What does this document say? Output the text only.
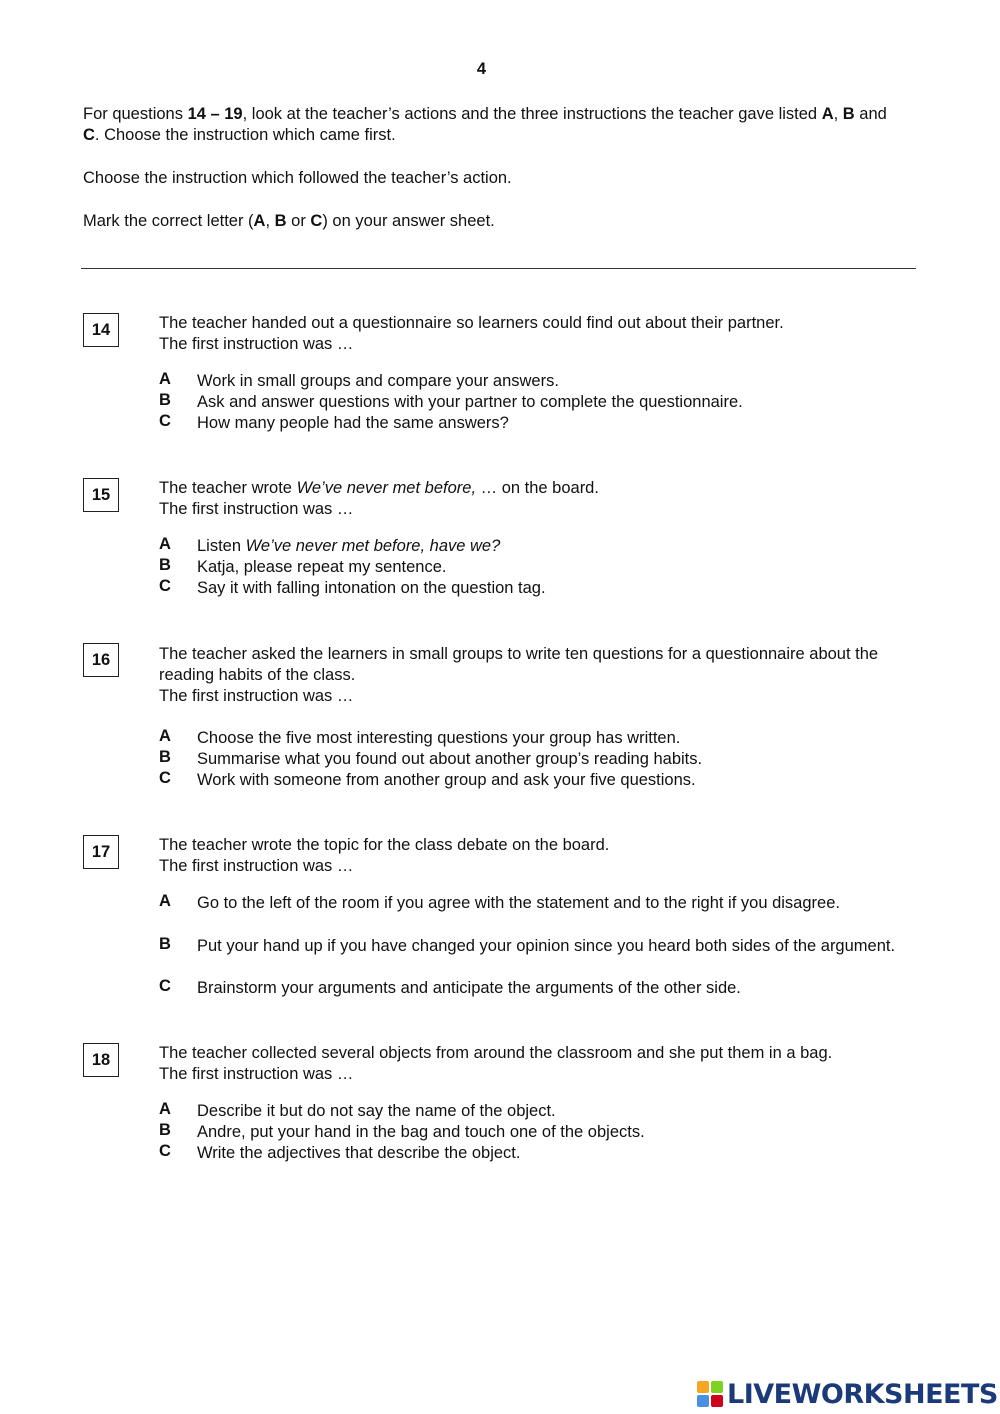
4

For questions 14 – 19, look at the teacher’s actions and the three instructions the teacher gave listed A, B and C. Choose the instruction which came first.

Choose the instruction which followed the teacher’s action.

Mark the correct letter (A, B or C) on your answer sheet.

14	The teacher handed out a questionnaire so learners could find out about their partner.
The first instruction was …

A Work in small groups and compare your answers.
B Ask and answer questions with your partner to complete the questionnaire.
C How many people had the same answers?
15	The teacher wrote We’ve never met before, … on the board.
The first instruction was …

A Listen We’ve never met before, have we?
B Katja, please repeat my sentence.
C Say it with falling intonation on the question tag.
16	The teacher asked the learners in small groups to write ten questions for a questionnaire about the reading habits of the class.
The first instruction was …

A Choose the five most interesting questions your group has written.
B Summarise what you found out about another group’s reading habits.
C Work with someone from another group and ask your five questions.
17	The teacher wrote the topic for the class debate on the board.
The first instruction was …

A Go to the left of the room if you agree with the statement and to the right if you disagree.
B Put your hand up if you have changed your opinion since you heard both sides of the argument.
C Brainstorm your arguments and anticipate the arguments of the other side.
18	The teacher collected several objects from around the classroom and she put them in a bag.
The first instruction was …

A Describe it but do not say the name of the object.
B Andre, put your hand in the bag and touch one of the objects.
C Write the adjectives that describe the object.
LIVEWORKSHEETS
